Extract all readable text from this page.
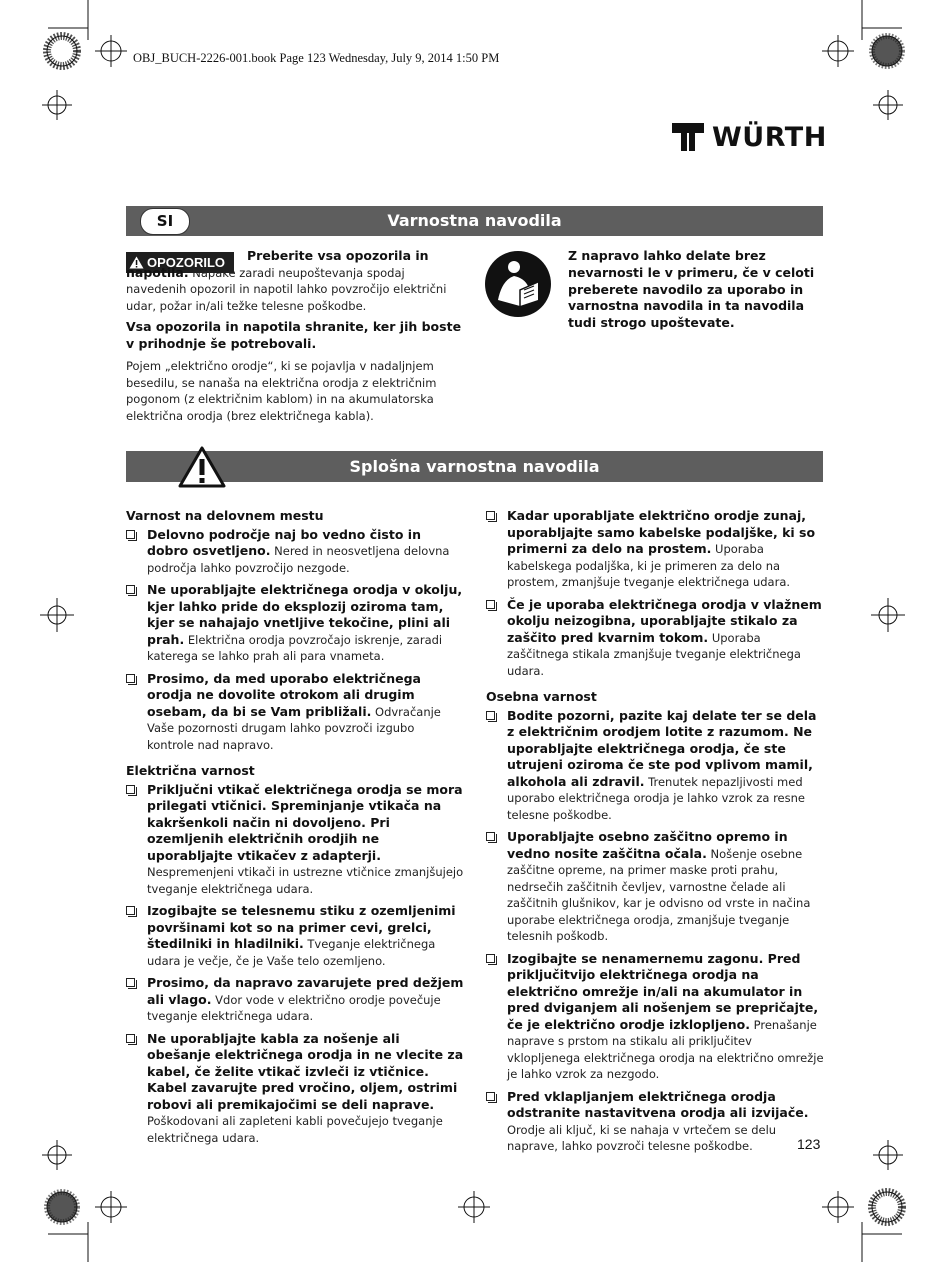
OBJ_BUCH-2226-001.book Page 123 Wednesday, July 9, 2014 1:50 PM
WÜRTH
Varnostna navodila
SI
OPOZORILO	Preberite vsa opozorila in napotila. Napake zaradi neupoštevanja spodaj navedenih opozoril in napotil lahko povzročijo električni udar, požar in/ali težke telesne poškodbe.

Vsa opozorila in napotila shranite, ker jih boste v prihodnje še potrebovali.

Pojem „električno orodje“, ki se pojavlja v nadaljnjem besedilu, se nanaša na električna orodja z električnim pogonom (z električnim kablom) in na akumulatorska električna orodja (brez električnega kabla).

Z napravo lahko delate brez nevarnosti le v primeru, če v celoti preberete navodilo za uporabo in varnostna navodila in ta navodila tudi strogo upoštevate.
Splošna varnostna navodila

Varnost na delovnem mestu

Delovno področje naj bo vedno čisto in dobro osvetljeno. Nered in neosvetljena delovna področja lahko povzročijo nezgode.
Ne uporabljajte električnega orodja v okolju, kjer lahko pride do eksplozij oziroma tam, kjer se nahajajo vnetljive tekočine, plini ali prah. Električna orodja povzročajo iskrenje, zaradi katerega se lahko prah ali para vnameta.
Prosimo, da med uporabo električnega orodja ne dovolite otrokom ali drugim osebam, da bi se Vam približali. Odvračanje Vaše pozornosti drugam lahko povzroči izgubo kontrole nad napravo.

Električna varnost

Priključni vtikač električnega orodja se mora prilegati vtičnici. Spreminjanje vtikača na kakršenkoli način ni dovoljeno. Pri ozemljenih električnih orodjih ne uporabljajte vtikačev z adapterji. Nespremenjeni vtikači in ustrezne vtičnice zmanjšujejo tveganje električnega udara.
Izogibajte se telesnemu stiku z ozemljenimi površinami kot so na primer cevi, grelci, štedilniki in hladilniki. Tveganje električnega udara je večje, če je Vaše telo ozemljeno.
Prosimo, da napravo zavarujete pred dežjem ali vlago. Vdor vode v električno orodje povečuje tveganje električnega udara.
Ne uporabljajte kabla za nošenje ali obešanje električnega orodja in ne vlecite za kabel, če želite vtikač izvleči iz vtičnice. Kabel zavarujte pred vročino, oljem, ostrimi robovi ali premikajočimi se deli naprave. Poškodovani ali zapleteni kabli povečujejo tveganje električnega udara.
Kadar uporabljate električno orodje zunaj, uporabljajte samo kabelske podaljške, ki so primerni za delo na prostem. Uporaba kabelskega podaljška, ki je primeren za delo na prostem, zmanjšuje tveganje električnega udara.
Če je uporaba električnega orodja v vlažnem okolju neizogibna, uporabljajte stikalo za zaščito pred kvarnim tokom. Uporaba zaščitnega stikala zmanjšuje tveganje električnega udara.

Osebna varnost

Bodite pozorni, pazite kaj delate ter se dela z električnim orodjem lotite z razumom. Ne uporabljajte električnega orodja, če ste utrujeni oziroma če ste pod vplivom mamil, alkohola ali zdravil. Trenutek nepazljivosti med uporabo električnega orodja je lahko vzrok za resne telesne poškodbe.
Uporabljajte osebno zaščitno opremo in vedno nosite zaščitna očala. Nošenje osebne zaščitne opreme, na primer maske proti prahu, nedrsečih zaščitnih čevljev, varnostne čelade ali zaščitnih glušnikov, kar je odvisno od vrste in načina uporabe električnega orodja, zmanjšuje tveganje telesnih poškodb.
Izogibajte se nenamernemu zagonu. Pred priključitvijo električnega orodja na električno omrežje in/ali na akumulator in pred dviganjem ali nošenjem se prepričajte, če je električno orodje izklopljeno. Prenašanje naprave s prstom na stikalu ali priključitev vklopljenega električnega orodja na električno omrežje je lahko vzrok za nezgodo.
Pred vklapljanjem električnega orodja odstranite nastavitvena orodja ali izvijače. Orodje ali ključ, ki se nahaja v vrtečem se delu naprave, lahko povzroči telesne poškodbe.	123
